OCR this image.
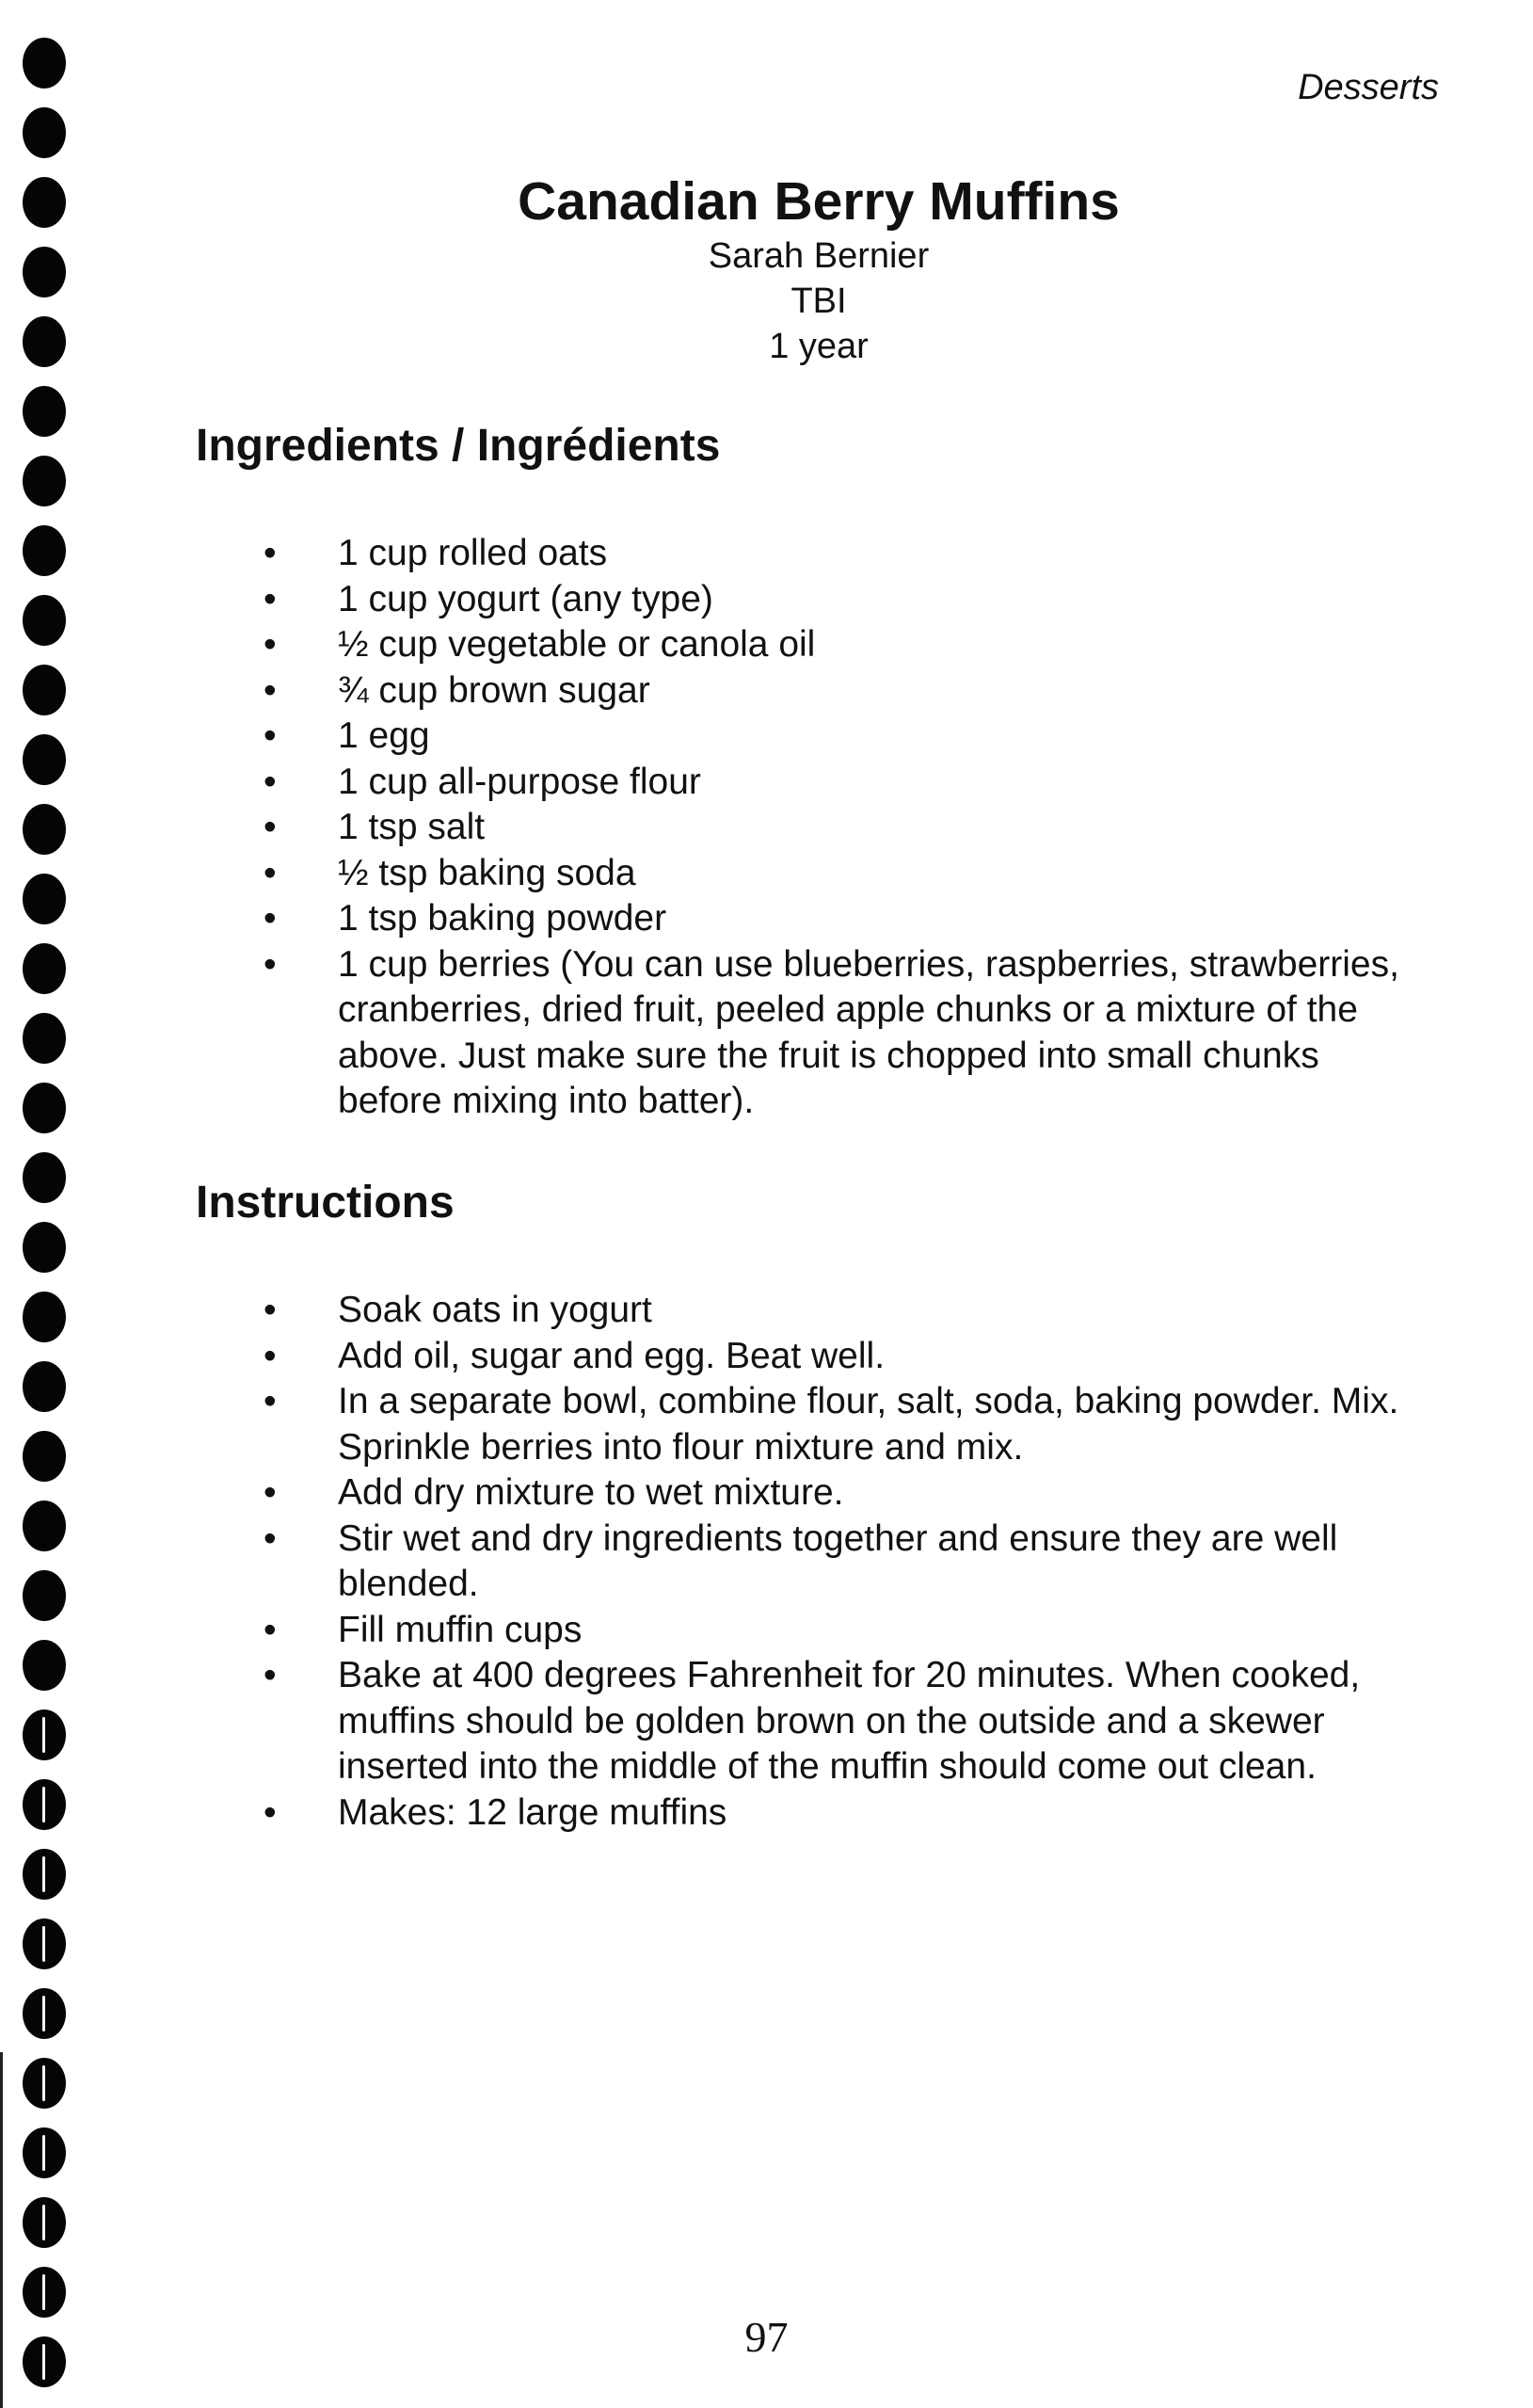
Desserts
Canadian Berry Muffins
Sarah Bernier
TBI
1 year
Ingredients / Ingrédients
• 1 cup rolled oats
• 1 cup yogurt (any type)
• ½ cup vegetable or canola oil
• ¾ cup brown sugar
• 1 egg
• 1 cup all-purpose flour
• 1 tsp salt
• ½ tsp baking soda
• 1 tsp baking powder
• 1 cup berries (You can use blueberries, raspberries, strawberries, cranberries, dried fruit, peeled apple chunks or a mixture of the above. Just make sure the fruit is chopped into small chunks before mixing into batter).
Instructions
• Soak oats in yogurt
• Add oil, sugar and egg. Beat well.
• In a separate bowl, combine flour, salt, soda, baking powder. Mix. Sprinkle berries into flour mixture and mix.
• Add dry mixture to wet mixture.
• Stir wet and dry ingredients together and ensure they are well blended.
• Fill muffin cups
• Bake at 400 degrees Fahrenheit for 20 minutes. When cooked, muffins should be golden brown on the outside and a skewer inserted into the middle of the muffin should come out clean.
• Makes: 12 large muffins
97
